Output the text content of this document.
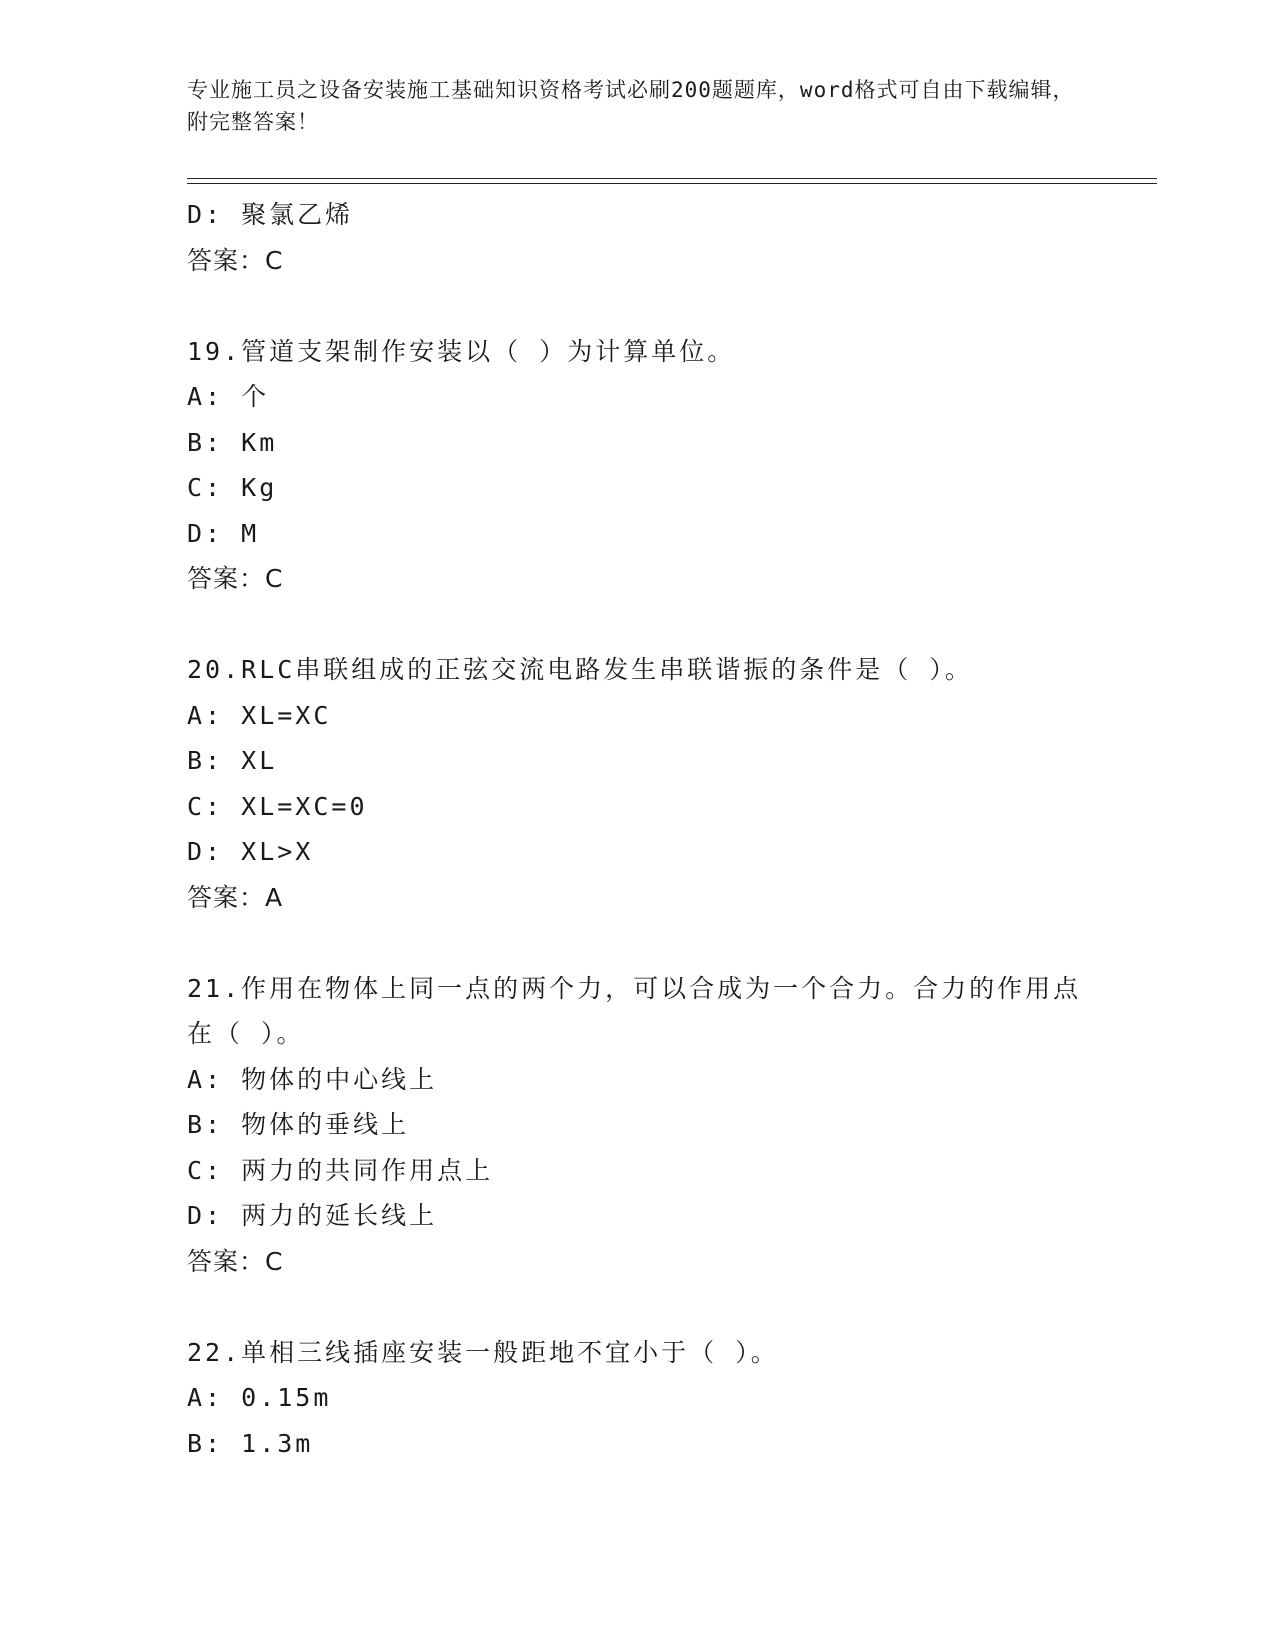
专业施工员之设备安装施工基础知识资格考试必刷200题题库，word格式可自由下载编辑，附完整答案！
D: 聚氯乙烯
答案：C
19.管道支架制作安装以（ ）为计算单位。
A: 个
B: Km
C: Kg
D: M
答案：C
20.RLC串联组成的正弦交流电路发生串联谐振的条件是（ ）。
A: XL=XC
B: XL
C: XL=XC=0
D: XL>X
答案：A
21.作用在物体上同一点的两个力，可以合成为一个合力。合力的作用点在（ ）。
A: 物体的中心线上
B: 物体的垂线上
C: 两力的共同作用点上
D: 两力的延长线上
答案：C
22.单相三线插座安装一般距地不宜小于（ ）。
A: 0.15m
B: 1.3m
